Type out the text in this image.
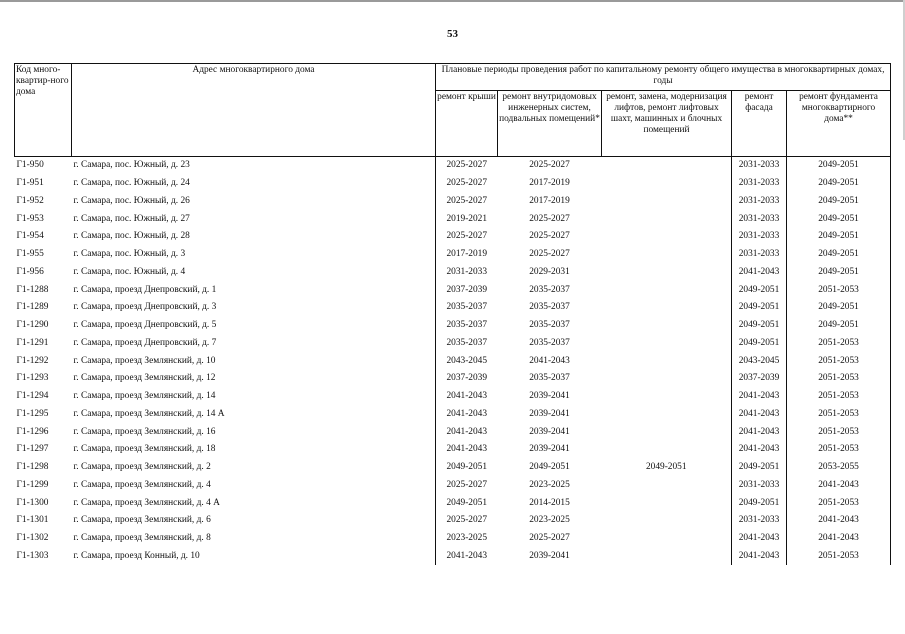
53
Код много-квартир-ного дома	Адрес многоквартирного дома	Плановые периоды проведения работ по капитальному ремонту общего имущества в многоквартирных домах, годы				
		ремонт крыши	ремонт внутридомовых инженерных систем, подвальных помещений*	ремонт, замена, модернизация лифтов, ремонт лифтовых шахт, машинных и блочных помещений	ремонт фасада	ремонт фундамента многоквартирного дома**
Г1-950	г. Самара, пос. Южный, д. 23	2025-2027	2025-2027		2031-2033	2049-2051
Г1-951	г. Самара, пос. Южный, д. 24	2025-2027	2017-2019		2031-2033	2049-2051
Г1-952	г. Самара, пос. Южный, д. 26	2025-2027	2017-2019		2031-2033	2049-2051
Г1-953	г. Самара, пос. Южный, д. 27	2019-2021	2025-2027		2031-2033	2049-2051
Г1-954	г. Самара, пос. Южный, д. 28	2025-2027	2025-2027		2031-2033	2049-2051
Г1-955	г. Самара, пос. Южный, д. 3	2017-2019	2025-2027		2031-2033	2049-2051
Г1-956	г. Самара, пос. Южный, д. 4	2031-2033	2029-2031		2041-2043	2049-2051
Г1-1288	г. Самара, проезд Днепровский, д. 1	2037-2039	2035-2037		2049-2051	2051-2053
Г1-1289	г. Самара, проезд Днепровский, д. 3	2035-2037	2035-2037		2049-2051	2049-2051
Г1-1290	г. Самара, проезд Днепровский, д. 5	2035-2037	2035-2037		2049-2051	2049-2051
Г1-1291	г. Самара, проезд Днепровский, д. 7	2035-2037	2035-2037		2049-2051	2051-2053
Г1-1292	г. Самара, проезд Землянский, д. 10	2043-2045	2041-2043		2043-2045	2051-2053
Г1-1293	г. Самара, проезд Землянский, д. 12	2037-2039	2035-2037		2037-2039	2051-2053
Г1-1294	г. Самара, проезд Землянский, д. 14	2041-2043	2039-2041		2041-2043	2051-2053
Г1-1295	г. Самара, проезд Землянский, д. 14 А	2041-2043	2039-2041		2041-2043	2051-2053
Г1-1296	г. Самара, проезд Землянский, д. 16	2041-2043	2039-2041		2041-2043	2051-2053
Г1-1297	г. Самара, проезд Землянский, д. 18	2041-2043	2039-2041		2041-2043	2051-2053
Г1-1298	г. Самара, проезд Землянский, д. 2	2049-2051	2049-2051	2049-2051	2049-2051	2053-2055
Г1-1299	г. Самара, проезд Землянский, д. 4	2025-2027	2023-2025		2031-2033	2041-2043
Г1-1300	г. Самара, проезд Землянский, д. 4 А	2049-2051	2014-2015		2049-2051	2051-2053
Г1-1301	г. Самара, проезд Землянский, д. 6	2025-2027	2023-2025		2031-2033	2041-2043
Г1-1302	г. Самара, проезд Землянский, д. 8	2023-2025	2025-2027		2041-2043	2041-2043
Г1-1303	г. Самара, проезд Конный, д. 10	2041-2043	2039-2041		2041-2043	2051-2053
